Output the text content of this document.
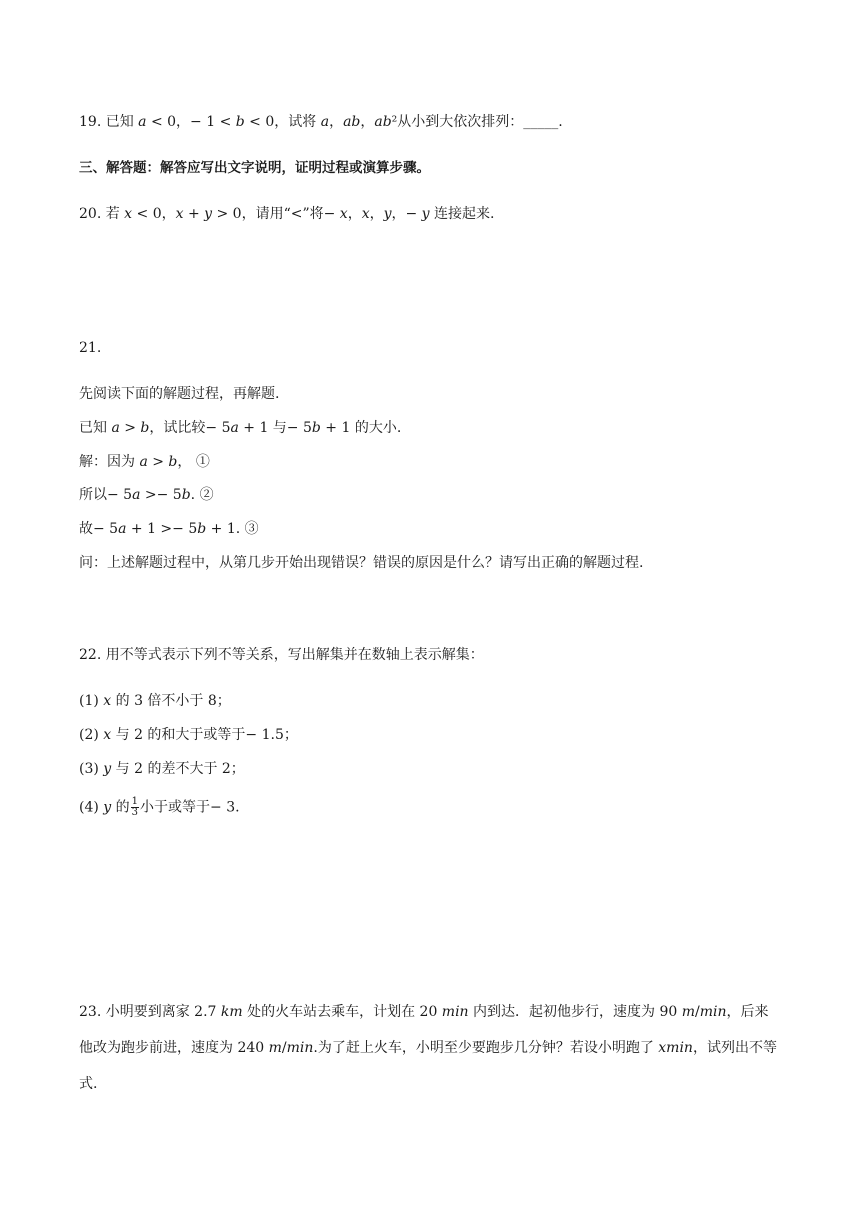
19. 已知 𝑎 < 0，− 1 < 𝑏 < 0，试将 𝑎，𝑎𝑏，𝑎𝑏²从小到大依次排列：_____.
三、解答题：解答应写出文字说明，证明过程或演算步骤。
20. 若 𝑥 < 0，𝑥 + 𝑦 > 0，请用“<”将− 𝑥，𝑥，𝑦，− 𝑦 连接起来.
21.
先阅读下面的解题过程，再解题.
已知 𝑎 > 𝑏，试比较− 5𝑎 + 1 与− 5𝑏 + 1 的大小.
解：因为 𝑎 > 𝑏， ①
所以− 5𝑎 >− 5𝑏. ②
故− 5𝑎 + 1 >− 5𝑏 + 1. ③
问：上述解题过程中，从第几步开始出现错误？错误的原因是什么？请写出正确的解题过程.
22. 用不等式表示下列不等关系，写出解集并在数轴上表示解集：
(1) 𝑥 的 3 倍不小于 8；
(2) 𝑥 与 2 的和大于或等于− 1.5；
(3) 𝑦 与 2 的差不大于 2；
(4) 𝑦 的 $\frac{1}{3}$ 小于或等于− 3.
23. 小明要到离家 2.7 𝑘𝑚 处的火车站去乘车，计划在 20 𝑚𝑖𝑛 内到达．起初他步行，速度为 90 𝑚/𝑚𝑖𝑛，后来他改为跑步前进，速度为 240 𝑚/𝑚𝑖𝑛.为了赶上火车，小明至少要跑步几分钟？若设小明跑了 𝑥𝑚𝑖𝑛，试列出不等式.
